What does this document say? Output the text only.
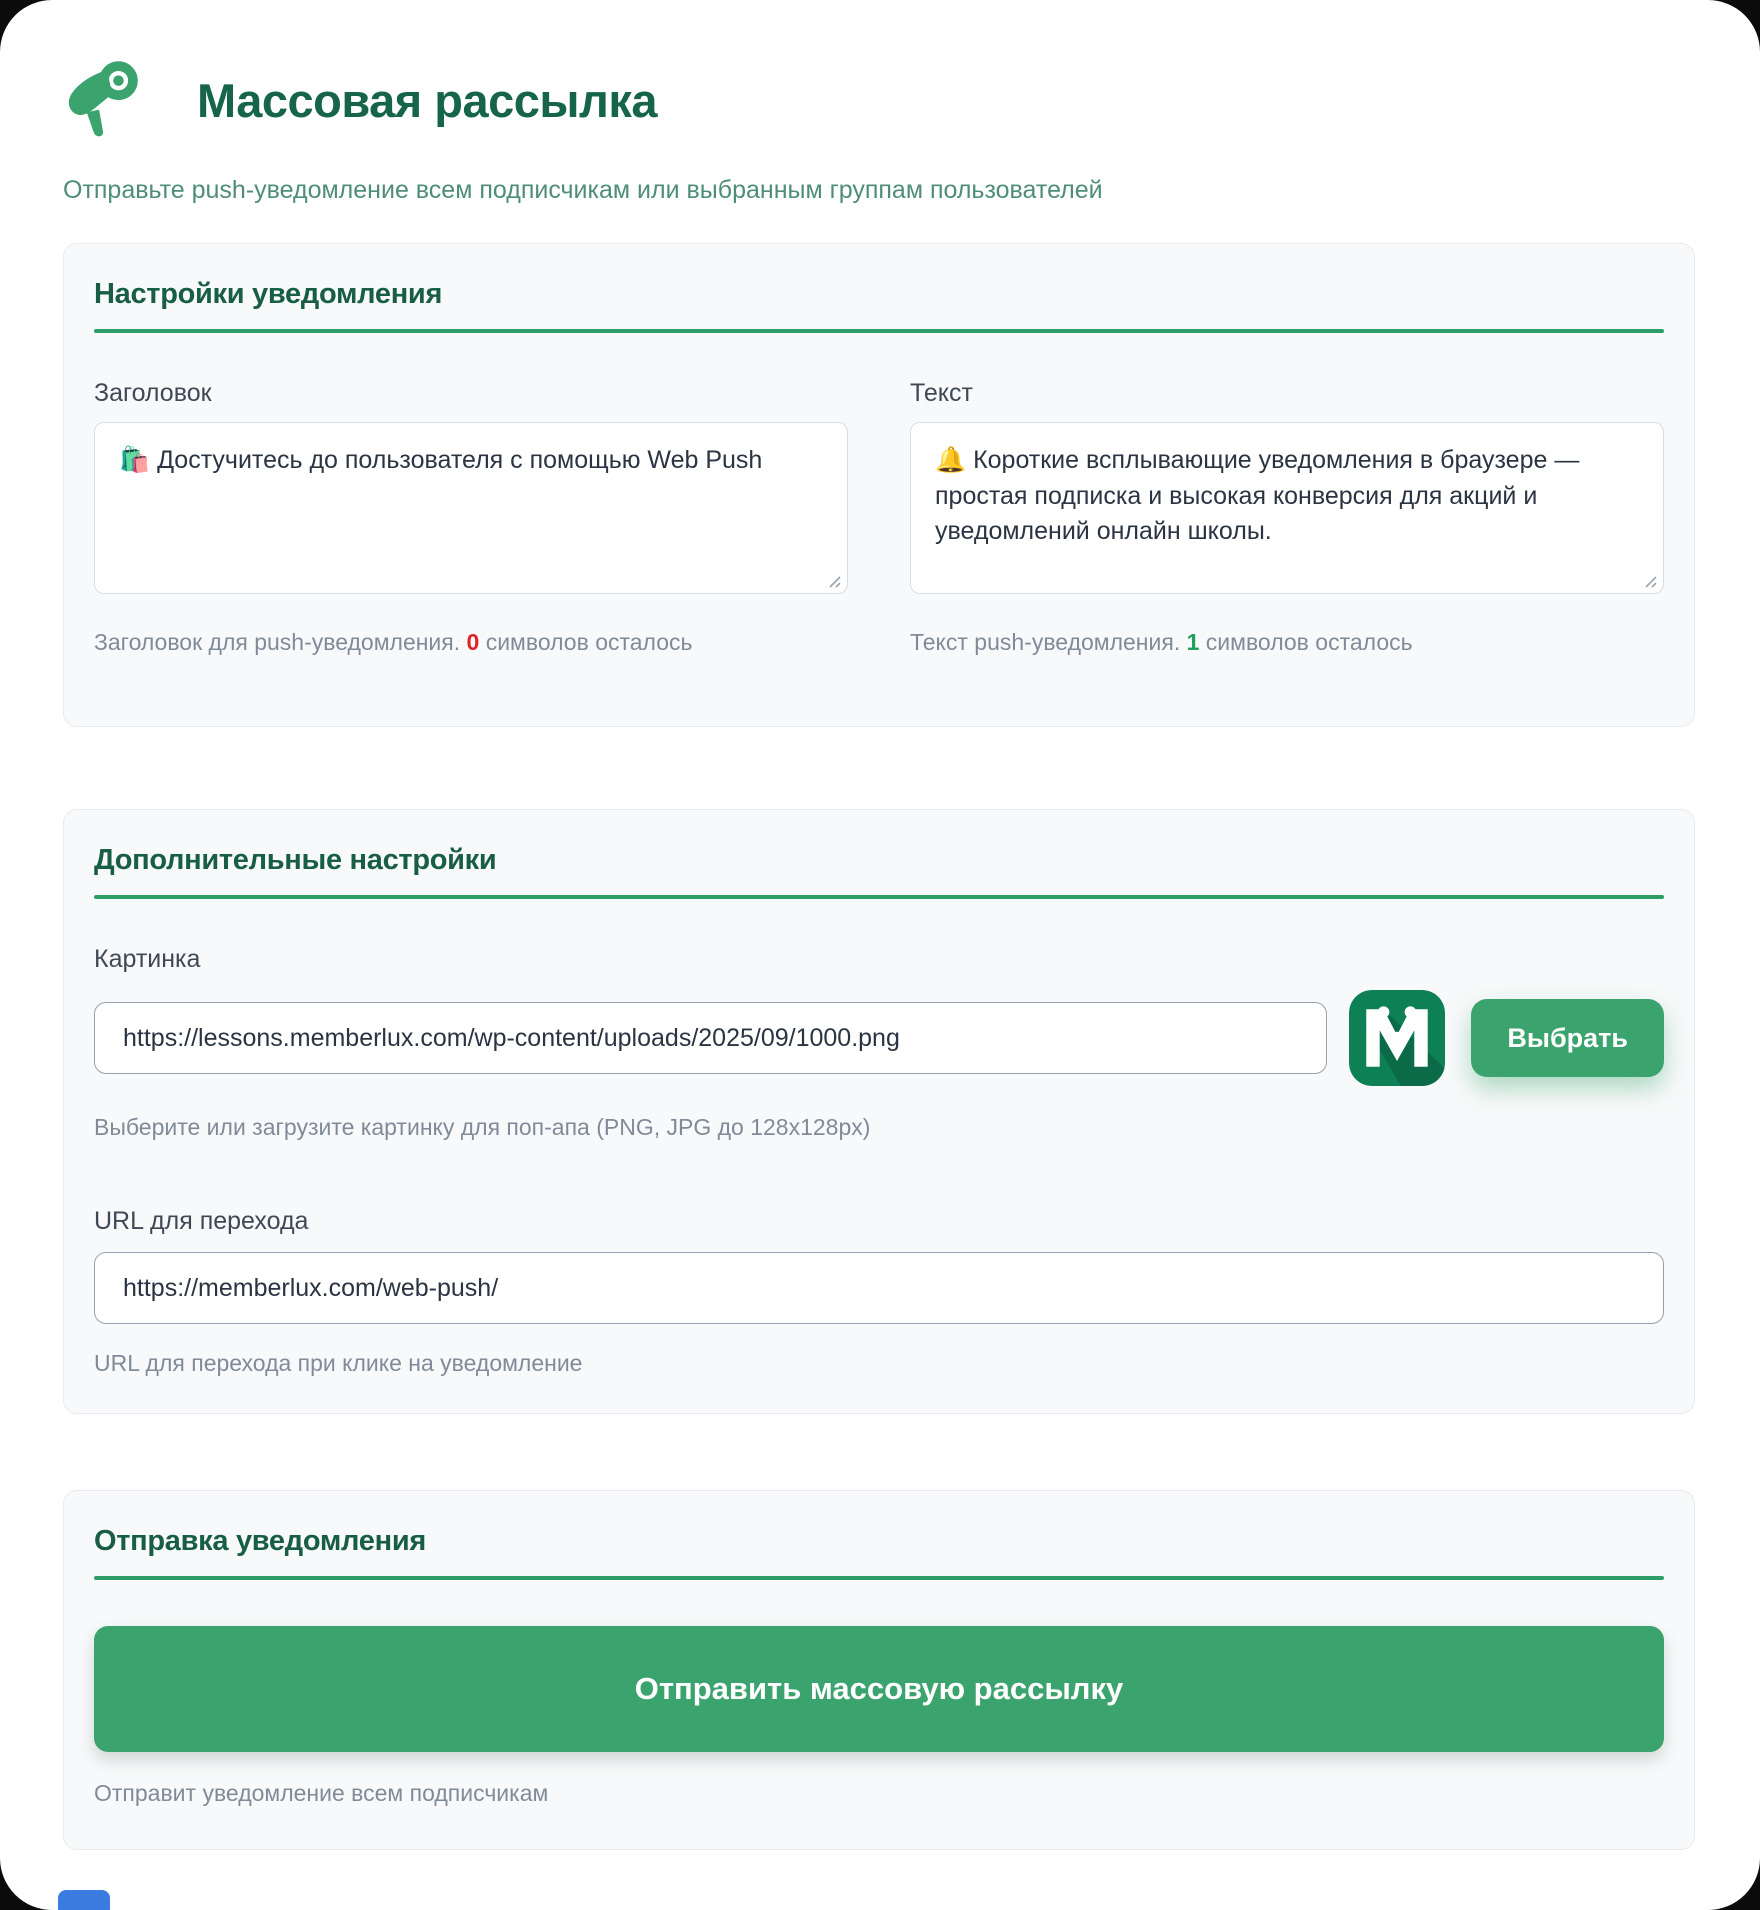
Массовая рассылка
Отправьте push-уведомление всем подписчикам или выбранным группам пользователей
Настройки уведомления
Заголовок
🛍️ Достучитесь до пользователя с помощью Web Push
Заголовок для push-уведомления. 0 символов осталось
Текст
🔔 Короткие всплывающие уведомления в браузере — простая подписка и высокая конверсия для акций и уведомлений онлайн школы.
Текст push-уведомления. 1 символов осталось
Дополнительные настройки
Картинка
https://lessons.memberlux.com/wp-content/uploads/2025/09/1000.png
Выбрать
Выберите или загрузите картинку для поп-апа (PNG, JPG до 128x128px)
URL для перехода
https://memberlux.com/web-push/
URL для перехода при клике на уведомление
Отправка уведомления
Отправить массовую рассылку
Отправит уведомление всем подписчикам
